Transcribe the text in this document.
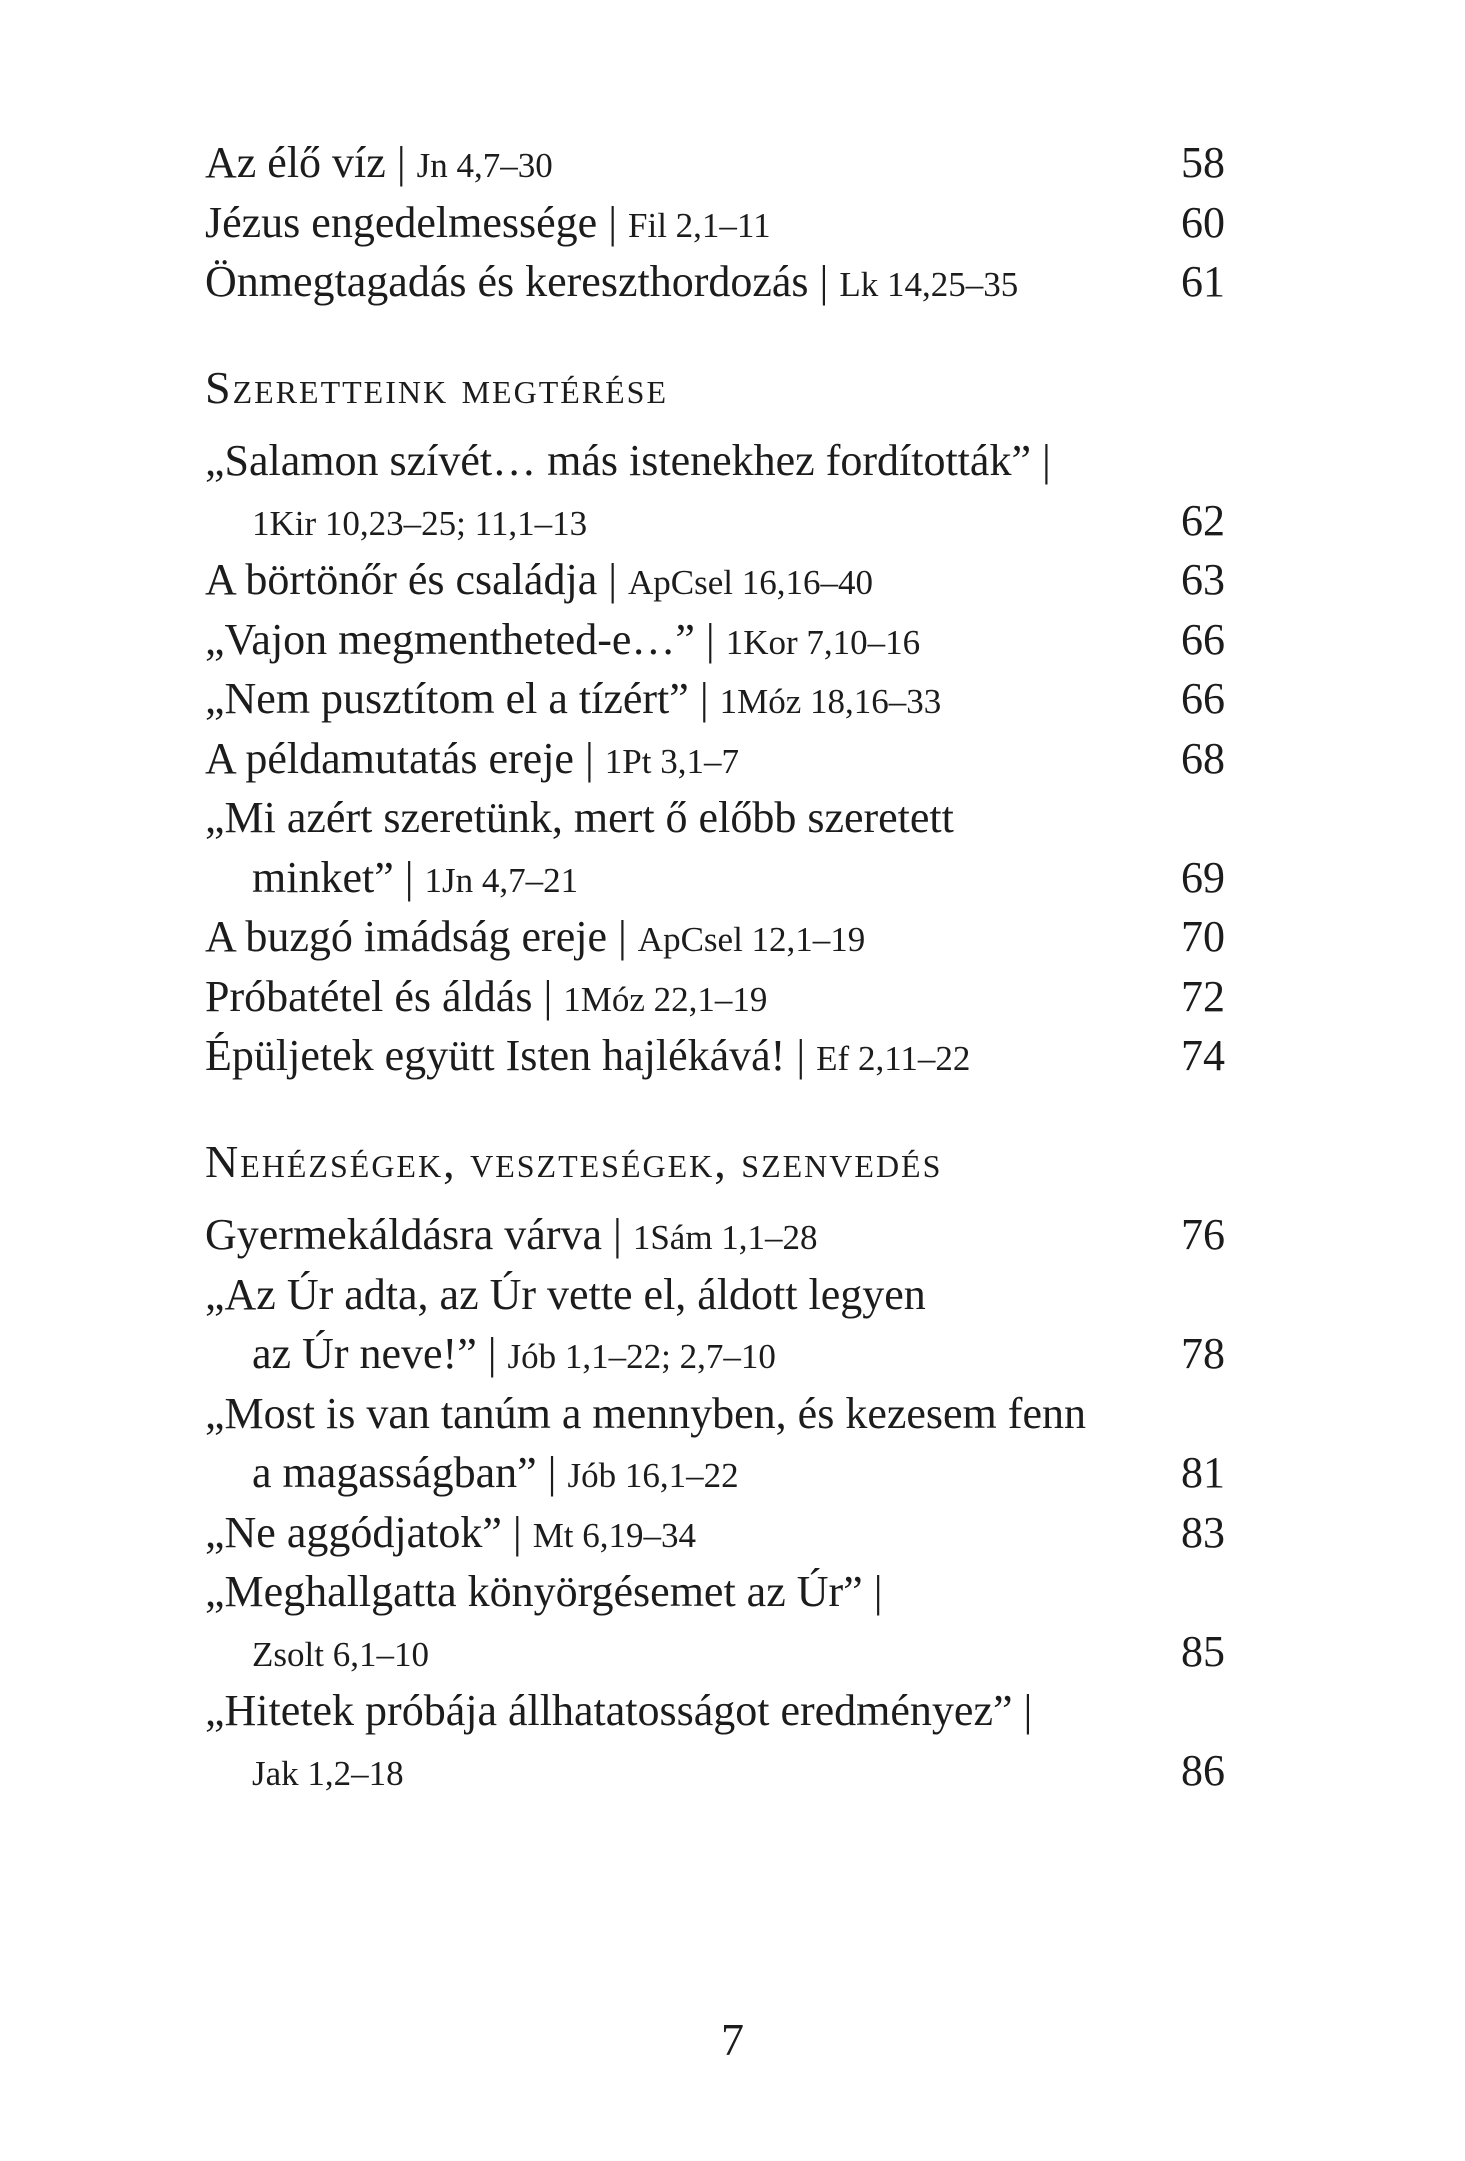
Az élő víz | Jn 4,7–30	58
Jézus engedelmessége | Fil 2,1–11	60
Önmegtagadás és kereszthordozás | Lk 14,25–35	61
Szeretteink megtérése
„Salamon szívét… más istenekhez fordították” |
1Kir 10,23–25; 11,1–13	62
A börtönőr és családja | ApCsel 16,16–40	63
„Vajon megmentheted-e…” | 1Kor 7,10–16	66
„Nem pusztítom el a tízért” | 1Móz 18,16–33	66
A példamutatás ereje | 1Pt 3,1–7	68
„Mi azért szeretünk, mert ő előbb szeretett
minket” | 1Jn 4,7–21	69
A buzgó imádság ereje | ApCsel 12,1–19	70
Próbatétel és áldás | 1Móz 22,1–19	72
Épüljetek együtt Isten hajlékává! | Ef 2,11–22	74
Nehézségek, veszteségek, szenvedés
Gyermekáldásra várva | 1Sám 1,1–28	76
„Az Úr adta, az Úr vette el, áldott legyen
az Úr neve!” | Jób 1,1–22; 2,7–10	78
„Most is van tanúm a mennyben, és kezesem fenn
a magasságban” | Jób 16,1–22	81
„Ne aggódjatok” | Mt 6,19–34	83
„Meghallgatta könyörgésemet az Úr” |
Zsolt 6,1–10	85
„Hitetek próbája állhatatosságot eredményez” |
Jak 1,2–18	86
7
